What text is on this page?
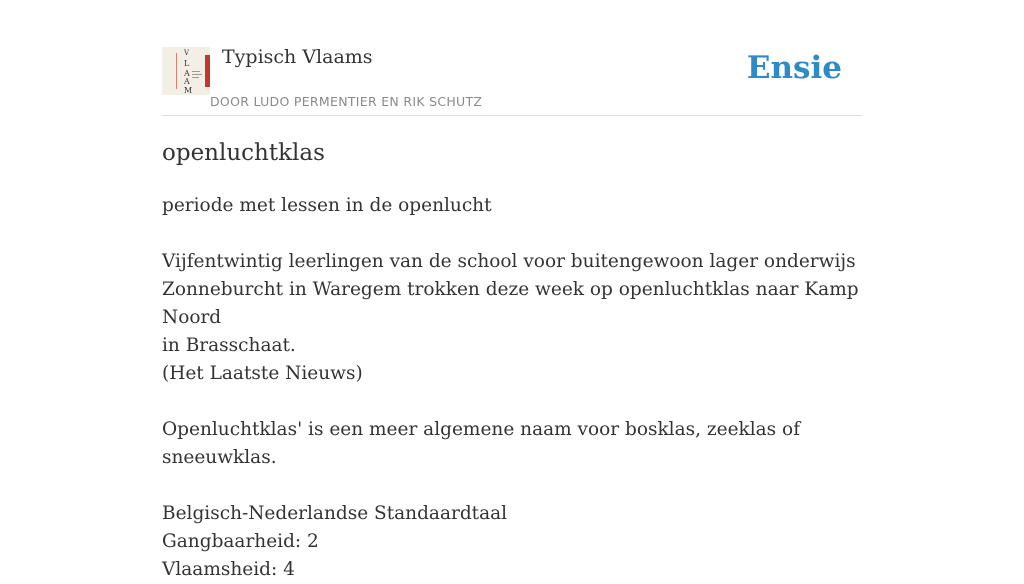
V
L
A
A
M
Typisch Vlaams
DOOR LUDO PERMENTIER EN RIK SCHUTZ
Ensie
openluchtklas

periode met lessen in de openlucht

Vijfentwintig leerlingen van de school voor buitengewoon lager onderwijs

Zonneburcht in Waregem trokken deze week op openluchtklas naar Kamp Noord

in Brasschaat.

(Het Laatste Nieuws)

Openluchtklas' is een meer algemene naam voor bosklas, zeeklas of sneeuwklas.

Belgisch-Nederlandse Standaardtaal

Gangbaarheid: 2

Vlaamsheid: 4
